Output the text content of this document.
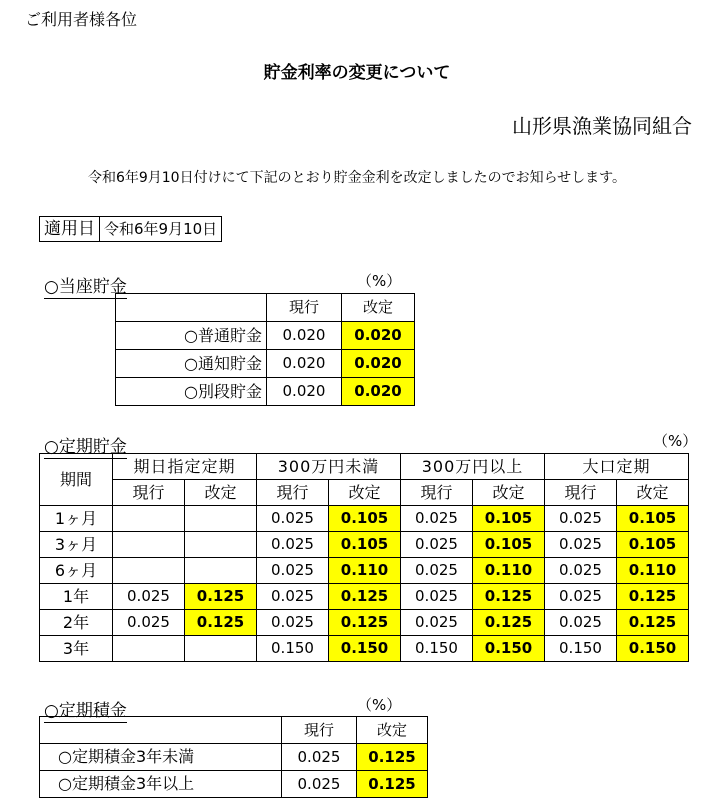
ご利用者様各位
貯金利率の変更について
山形県漁業協同組合
令和6年9月10日付けにて下記のとおり貯金金利を改定しましたのでお知らせします。
適用日	令和6年9月10日
○当座貯金	（%）
	現行	改定
○普通貯金	0.020	0.020
○通知貯金	0.020	0.020
○別段貯金	0.020	0.020
○定期貯金	（%）
期間	期日指定定期		300万円未満		300万円以上		大口定期	
	現行	改定	現行	改定	現行	改定	現行	改定
1ヶ月			0.025	0.105	0.025	0.105	0.025	0.105
3ヶ月			0.025	0.105	0.025	0.105	0.025	0.105
6ヶ月			0.025	0.110	0.025	0.110	0.025	0.110
1年	0.025	0.125	0.025	0.125	0.025	0.125	0.025	0.125
2年	0.025	0.125	0.025	0.125	0.025	0.125	0.025	0.125
3年			0.150	0.150	0.150	0.150	0.150	0.150
○定期積金	（%）
	現行	改定
○定期積金3年未満	0.025	0.125
○定期積金3年以上	0.025	0.125
